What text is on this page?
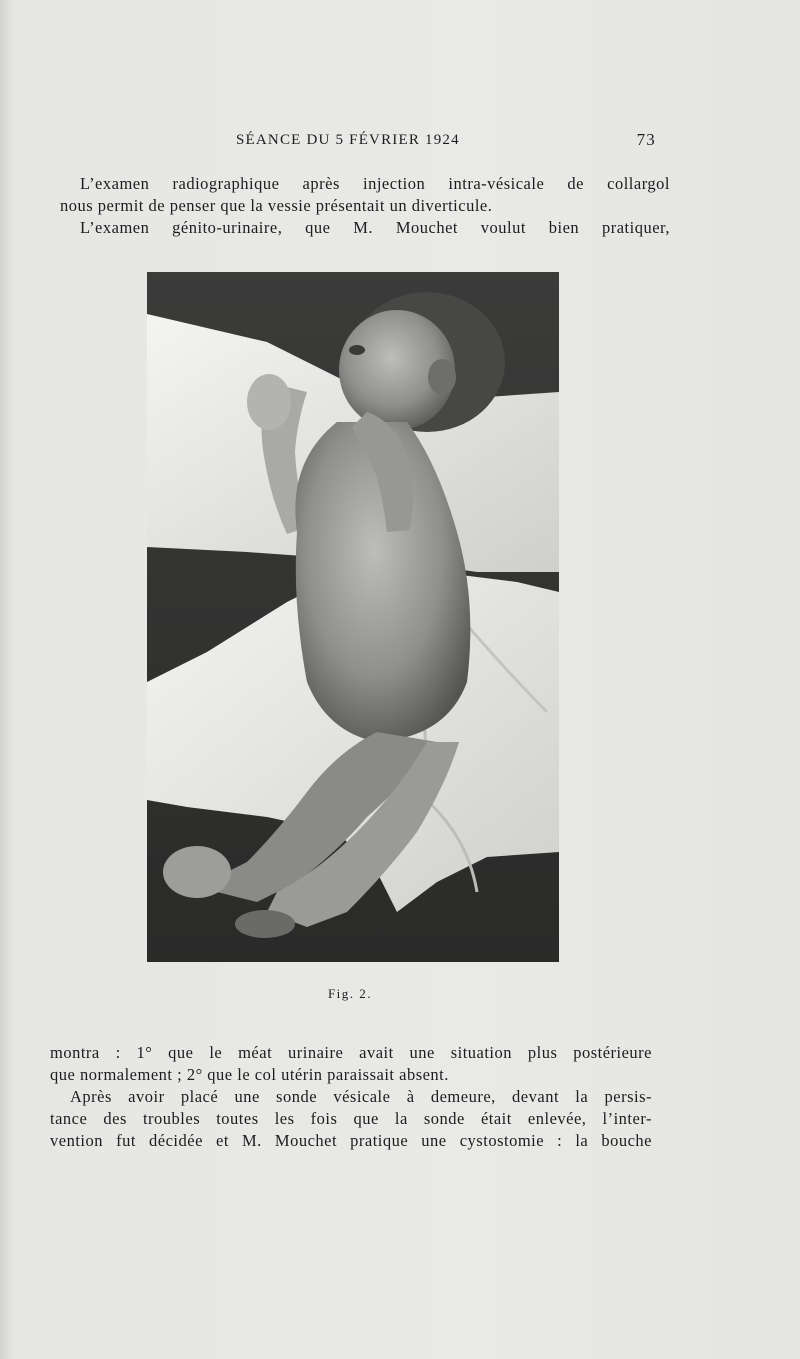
SÉANCE DU 5 FÉVRIER 1924	73
L’examen radiographique après injection intra-vésicale de collargol
nous permit de penser que la vessie présentait un diverticule.
L’examen génito-urinaire, que M. Mouchet voulut bien pratiquer,
Fig. 2.
montra : 1° que le méat urinaire avait une situation plus postérieure
que normalement ; 2° que le col utérin paraissait absent.
Après avoir placé une sonde vésicale à demeure, devant la persis-
tance des troubles toutes les fois que la sonde était enlevée, l’inter-
vention fut décidée et M. Mouchet pratique une cystostomie : la bouche
